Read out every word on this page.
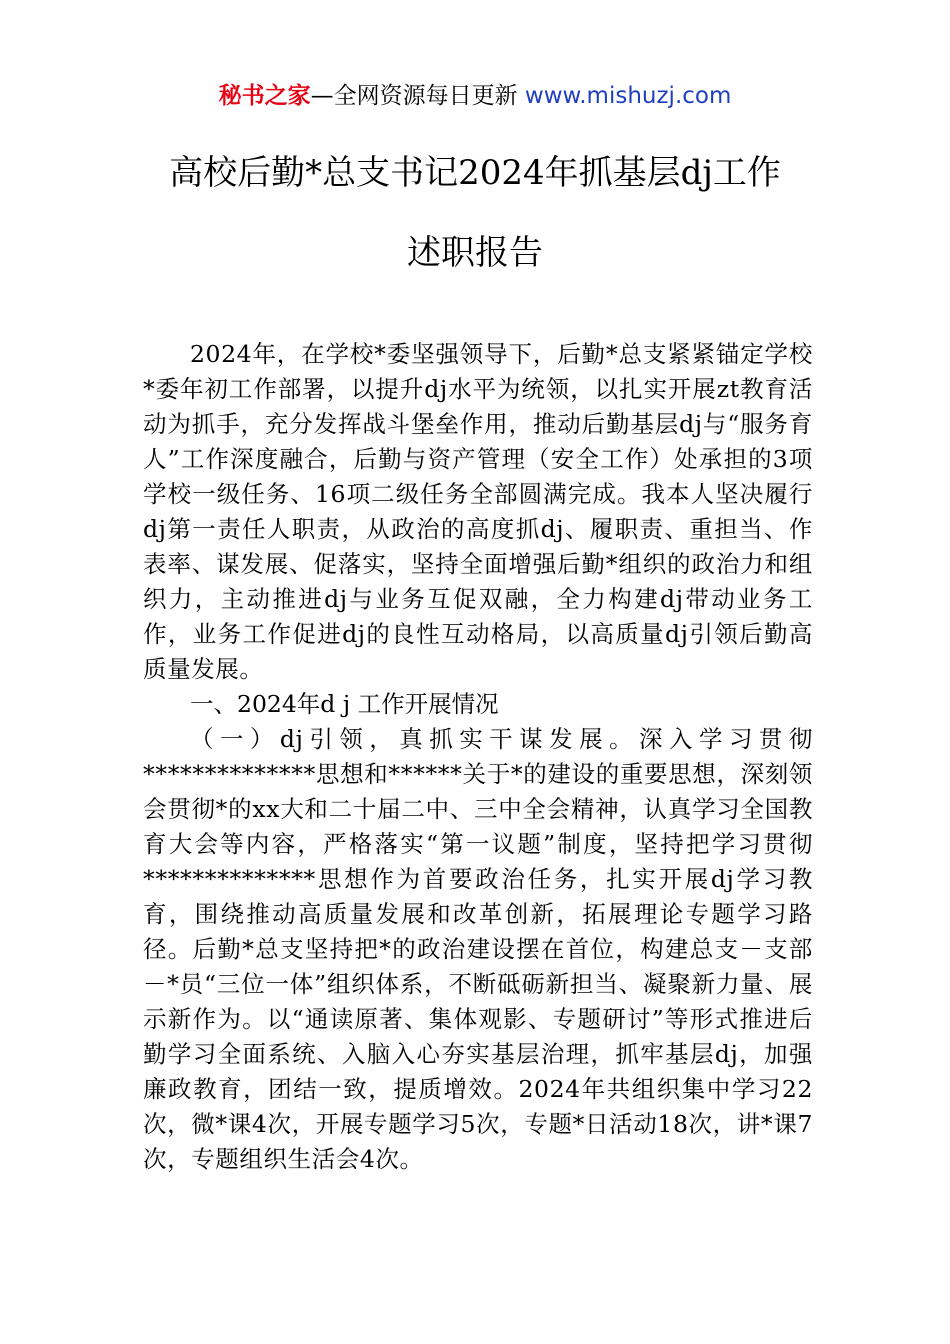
秘书之家—全网资源每日更新 www.mishuzj.com
高校后勤*总支书记2024年抓基层dj工作
述职报告

2024年，在学校*委坚强领导下，后勤*总支紧紧锚定学校*委年初工作部署，以提升dj水平为统领，以扎实开展zt教育活动为抓手，充分发挥战斗堡垒作用，推动后勤基层dj与“服务育人”工作深度融合，后勤与资产管理（安全工作）处承担的3项学校一级任务、16项二级任务全部圆满完成。我本人坚决履行dj第一责任人职责，从政治的高度抓dj、履职责、重担当、作表率、谋发展、促落实，坚持全面增强后勤*组织的政治力和组织力，主动推进dj与业务互促双融，全力构建dj带动业务工作，业务工作促进dj的良性互动格局，以高质量dj引领后勤高质量发展。

一、2024年d j 工作开展情况

（一）dj引领，真抓实干谋发展。深入学习贯彻**************思想和******关于*的建设的重要思想，深刻领会贯彻*的xx大和二十届二中、三中全会精神，认真学习全国教育大会等内容，严格落实“第一议题”制度，坚持把学习贯彻**************思想作为首要政治任务，扎实开展dj学习教育，围绕推动高质量发展和改革创新，拓展理论专题学习路径。后勤*总支坚持把*的政治建设摆在首位，构建总支－支部－*员“三位一体”组织体系，不断砥砺新担当、凝聚新力量、展示新作为。以“通读原著、集体观影、专题研讨”等形式推进后勤学习全面系统、入脑入心夯实基层治理，抓牢基层dj，加强廉政教育，团结一致，提质增效。2024年共组织集中学习22次，微*课4次，开展专题学习5次，专题*日活动18次，讲*课7次，专题组织生活会4次。
